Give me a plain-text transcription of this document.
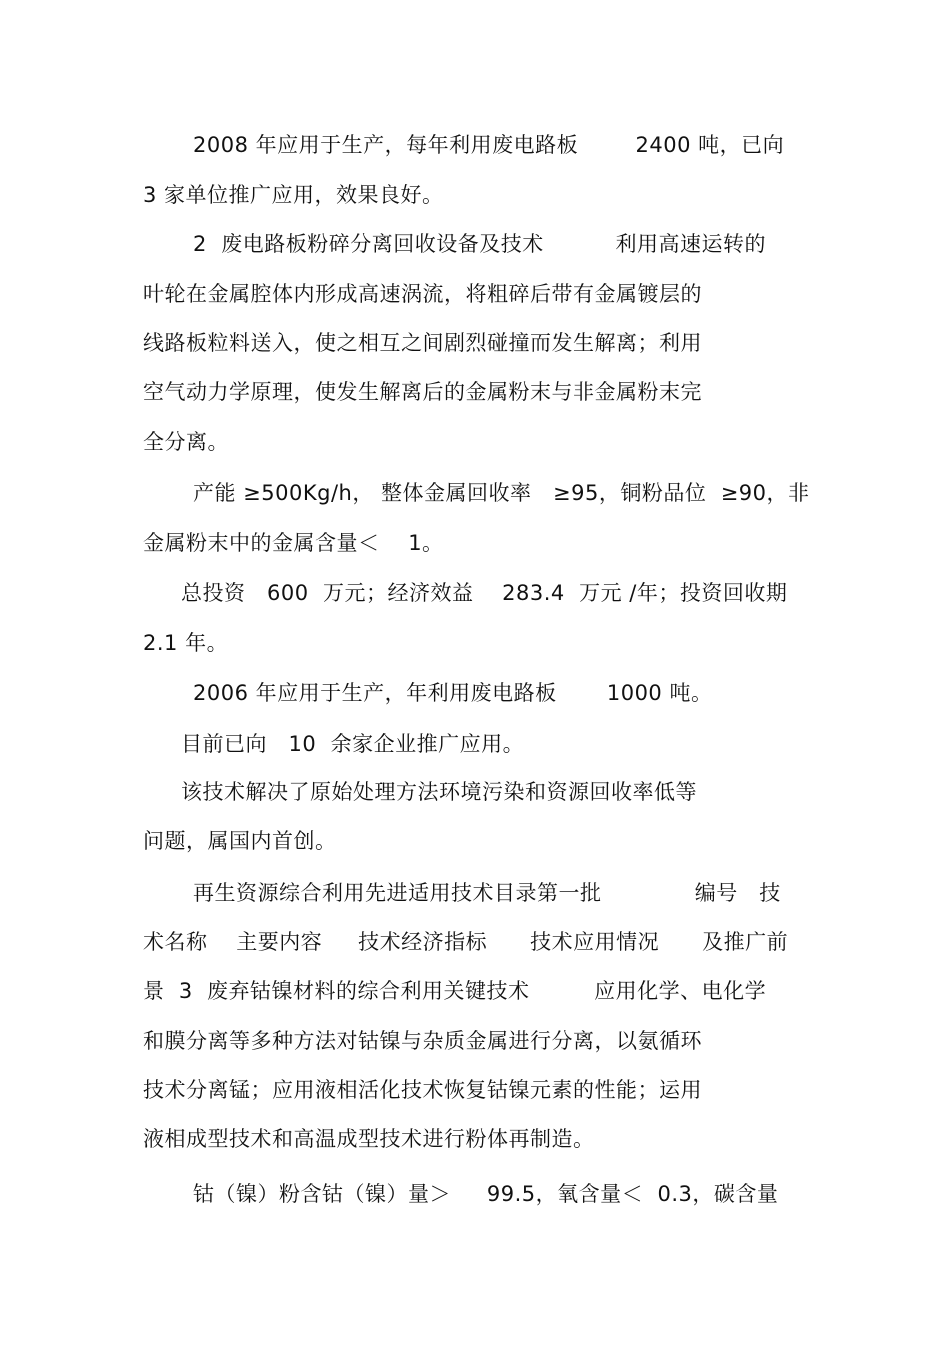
2008 年应用于生产，每年利用废电路板        2400 吨，已向
3 家单位推广应用，效果良好。
2  废电路板粉碎分离回收设备及技术          利用高速运转的
叶轮在金属腔体内形成高速涡流，将粗碎后带有金属镀层的
线路板粒料送入，使之相互之间剧烈碰撞而发生解离；利用
空气动力学原理，使发生解离后的金属粉末与非金属粉末完
全分离。
产能 ≥500Kg/h， 整体金属回收率   ≥95，铜粉品位  ≥90，非
金属粉末中的金属含量＜    1。
总投资   600  万元；经济效益    283.4  万元 /年；投资回收期
2.1 年。
2006 年应用于生产，年利用废电路板       1000 吨。
目前已向   10  余家企业推广应用。
该技术解决了原始处理方法环境污染和资源回收率低等
问题，属国内首创。
再生资源综合利用先进适用技术目录第一批             编号   技
术名称    主要内容     技术经济指标      技术应用情况      及推广前
景  3  废弃钴镍材料的综合利用关键技术         应用化学、电化学
和膜分离等多种方法对钴镍与杂质金属进行分离，以氨循环
技术分离锰；应用液相活化技术恢复钴镍元素的性能；运用
液相成型技术和高温成型技术进行粉体再制造。
钴（镍）粉含钴（镍）量＞     99.5，氧含量＜  0.3，碳含量
